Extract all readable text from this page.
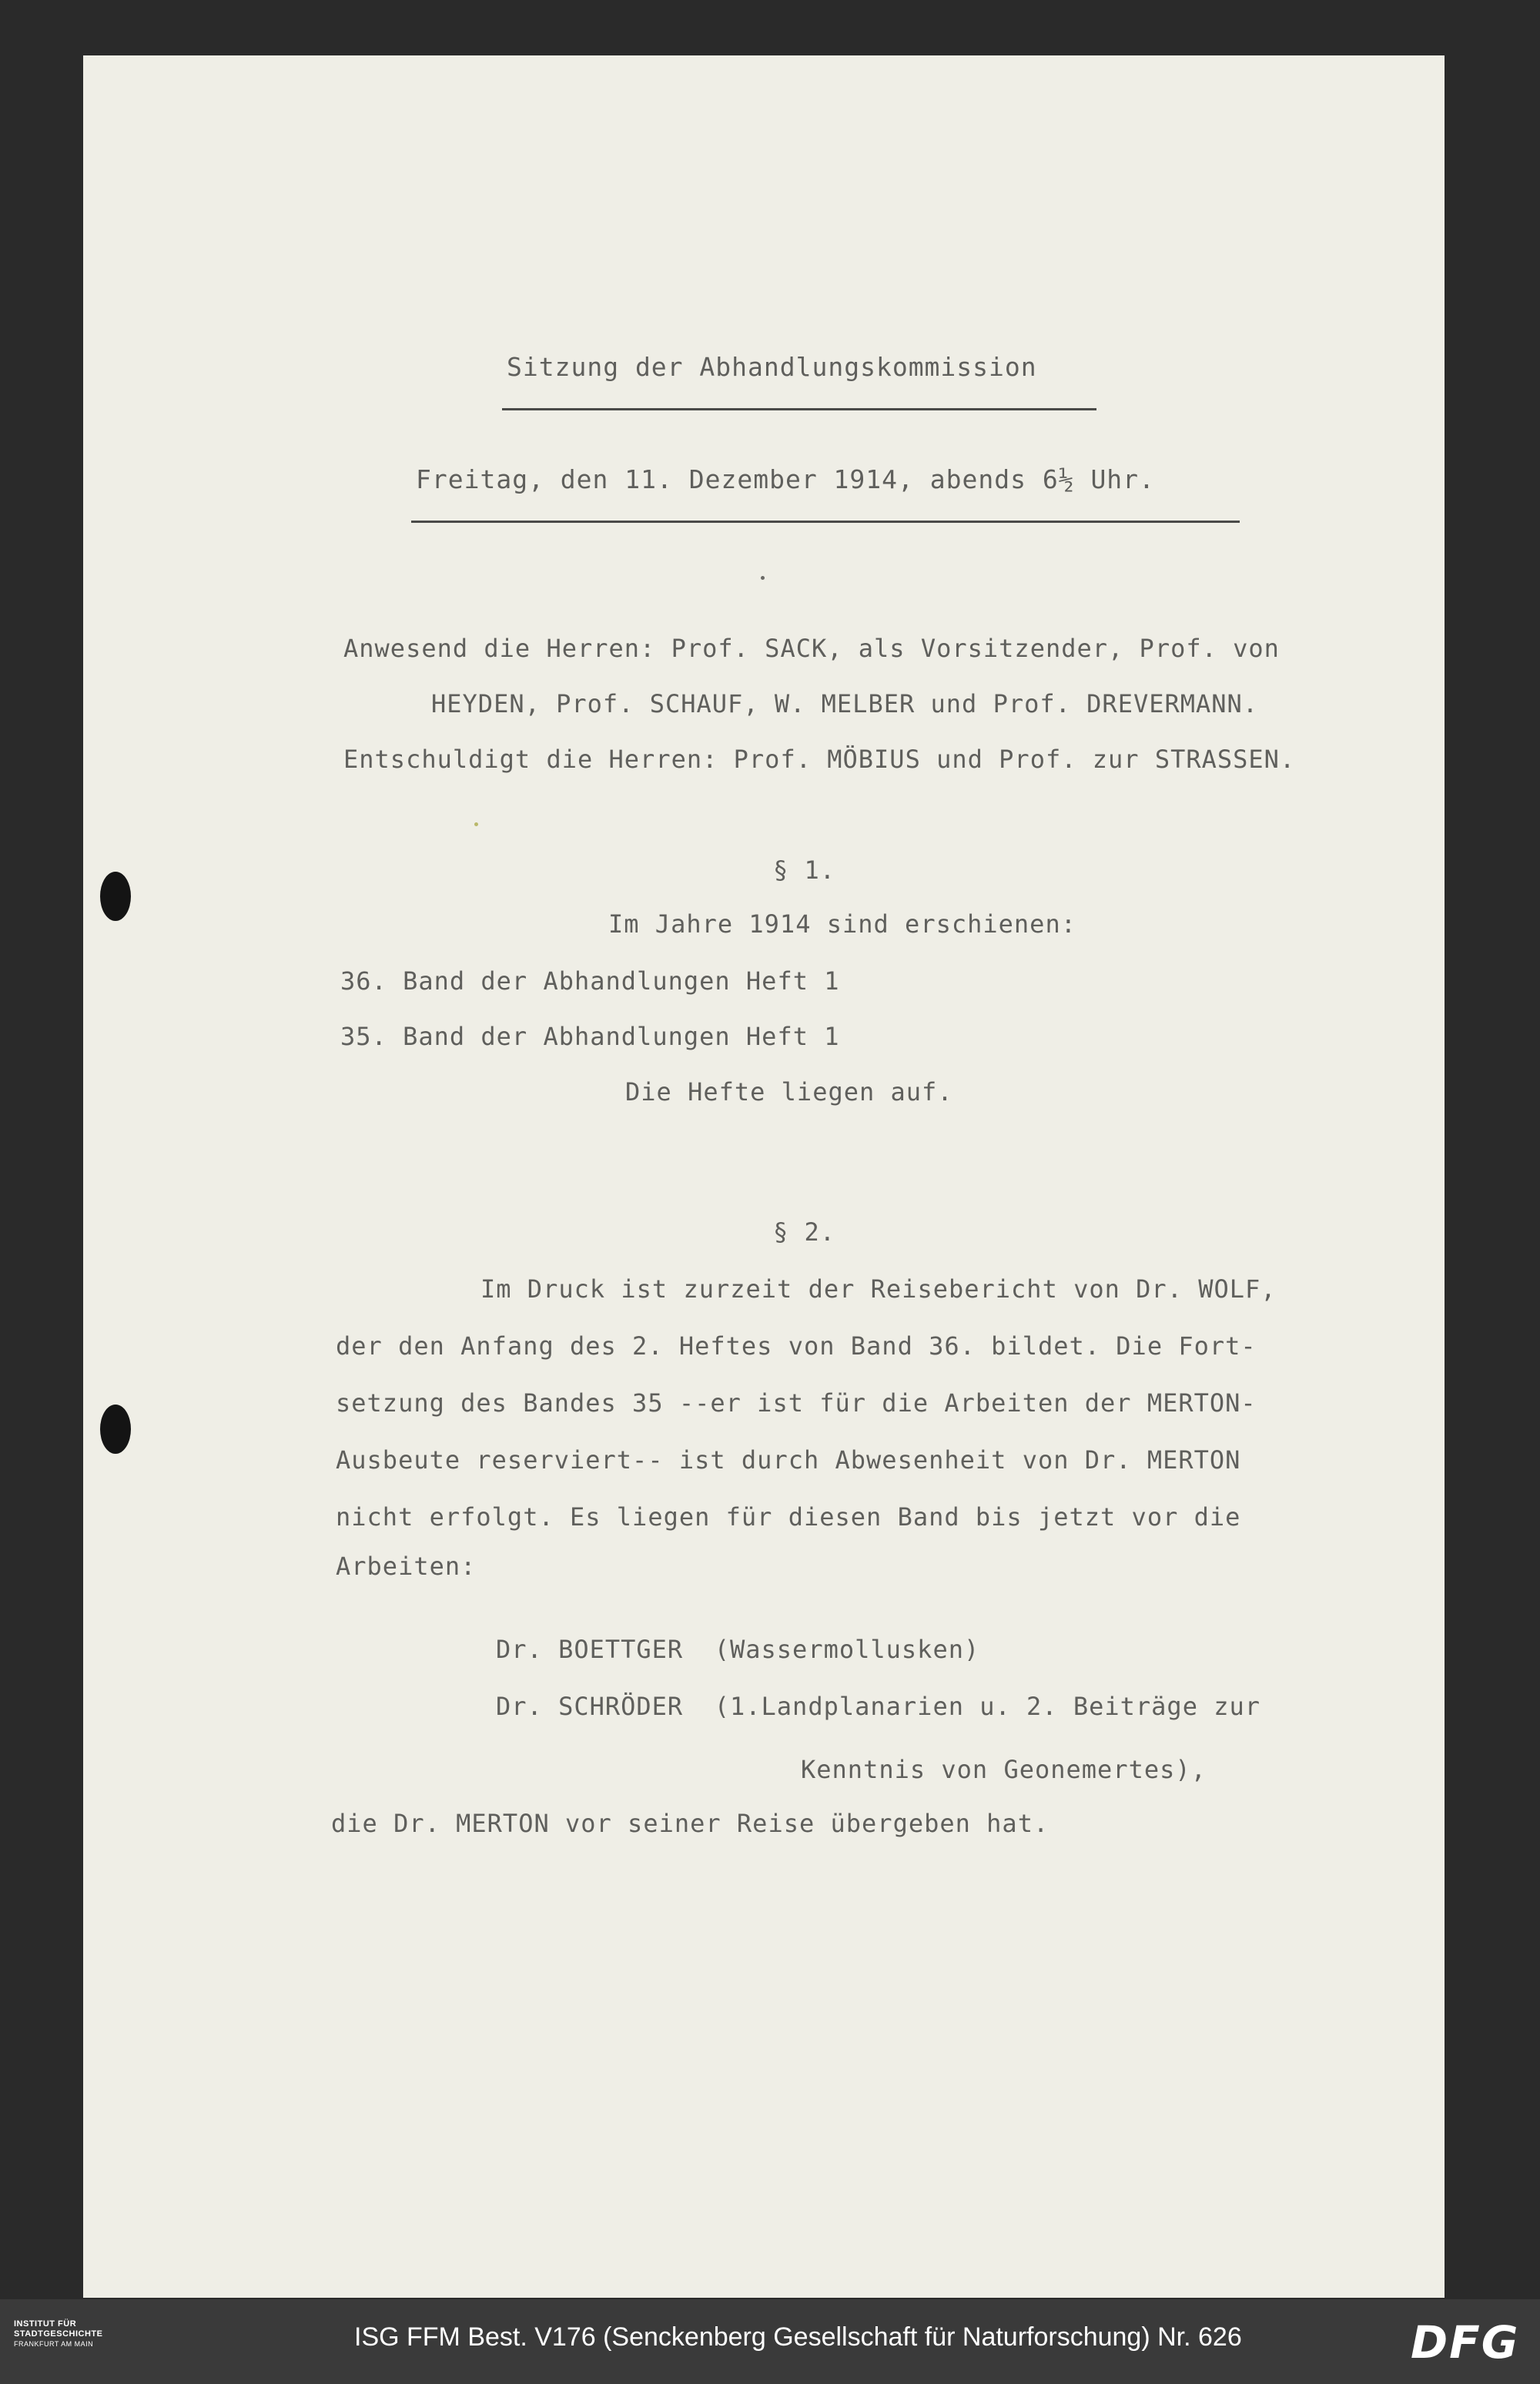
Sitzung der Abhandlungskommission

Freitag, den 11. Dezember 1914, abends 6½ Uhr.

Anwesend die Herren: Prof. SACK, als Vorsitzender, Prof. von

HEYDEN, Prof. SCHAUF, W. MELBER und Prof. DREVERMANN.

Entschuldigt die Herren: Prof. MÖBIUS und Prof. zur STRASSEN.

§ 1.

Im Jahre 1914 sind erschienen:

36. Band der Abhandlungen Heft 1

35. Band der Abhandlungen Heft 1

Die Hefte liegen auf.

§ 2.

Im Druck ist zurzeit der Reisebericht von Dr. WOLF,

der den Anfang des 2. Heftes von Band 36. bildet. Die Fort-

setzung des Bandes 35 --er ist für die Arbeiten der MERTON-

Ausbeute reserviert-- ist durch Abwesenheit von Dr. MERTON

nicht erfolgt. Es liegen für diesen Band bis jetzt vor die

Arbeiten:

Dr. BOETTGER  (Wassermollusken)

Dr. SCHRÖDER  (1.Landplanarien u. 2. Beiträge zur

Kenntnis von Geonemertes),

die Dr. MERTON vor seiner Reise übergeben hat.

INSTITUT FÜR
STADTGESCHICHTE
FRANKFURT AM MAIN	ISG FFM Best. V176 (Senckenberg Gesellschaft für Naturforschung) Nr. 626	DFG
